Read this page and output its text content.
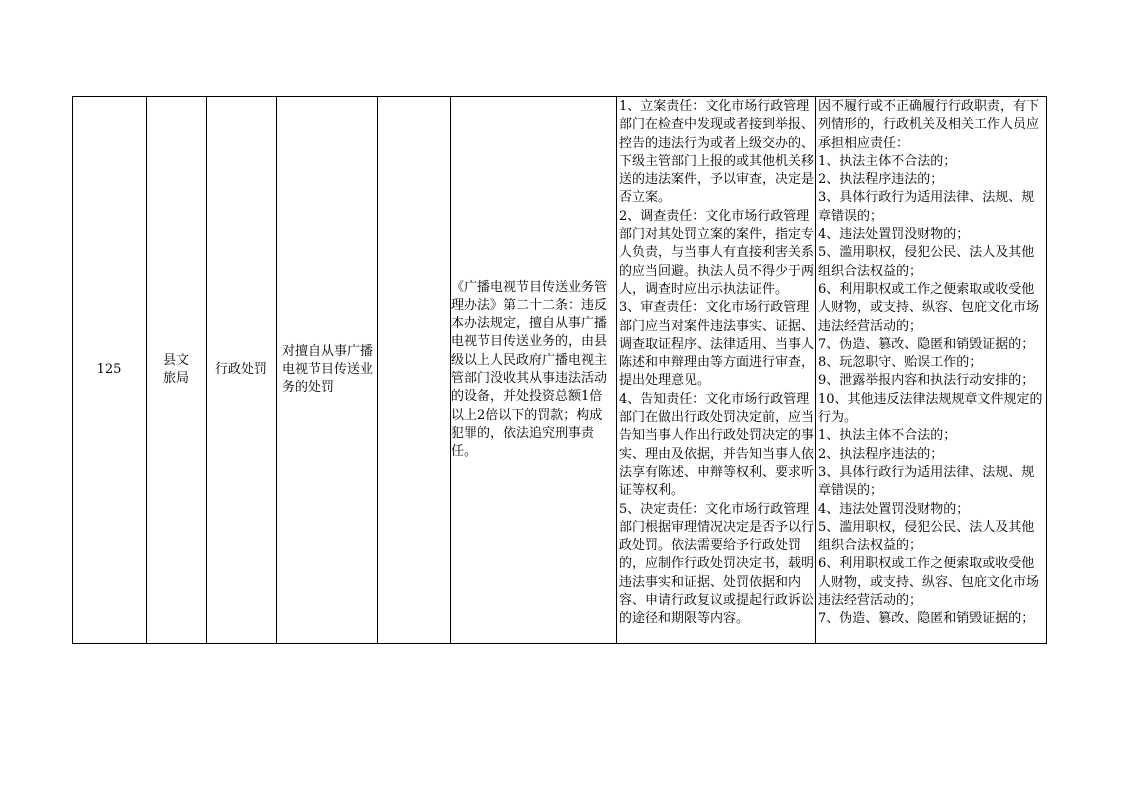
125
县文旅局
行政处罚
对擅自从事广播电视节目传送业务的处罚
《广播电视节目传送业务管理办法》第二十二条：违反本办法规定，擅自从事广播电视节目传送业务的，由县级以上人民政府广播电视主管部门没收其从事违法活动的设备，并处投资总额1倍以上2倍以下的罚款；构成犯罪的，依法追究刑事责任。
1、立案责任：文化市场行政管理部门在检查中发现或者接到举报、控告的违法行为或者上级交办的、下级主管部门上报的或其他机关移送的违法案件，予以审查，决定是否立案。
2、调查责任：文化市场行政管理部门对其处罚立案的案件，指定专人负责，与当事人有直接利害关系的应当回避。执法人员不得少于两人，调查时应出示执法证件。
3、审查责任：文化市场行政管理部门应当对案件违法事实、证据、调查取证程序、法律适用、当事人陈述和申辩理由等方面进行审查，提出处理意见。
4、告知责任：文化市场行政管理部门在做出行政处罚决定前，应当告知当事人作出行政处罚决定的事实、理由及依据，并告知当事人依法享有陈述、申辩等权利、要求听证等权利。
5、决定责任：文化市场行政管理部门根据审理情况决定是否予以行政处罚。依法需要给予行政处罚的，应制作行政处罚决定书，载明违法事实和证据、处罚依据和内容、申请行政复议或提起行政诉讼的途径和期限等内容。
因不履行或不正确履行行政职责，有下列情形的，行政机关及相关工作人员应承担相应责任：
1、执法主体不合法的；
2、执法程序违法的；
3、具体行政行为适用法律、法规、规章错误的；
4、违法处置罚没财物的；
5、滥用职权，侵犯公民、法人及其他组织合法权益的；
6、利用职权或工作之便索取或收受他人财物，或支持、纵容、包庇文化市场违法经营活动的；
7、伪造、篡改、隐匿和销毁证据的；
8、玩忽职守、贻误工作的；
9、泄露举报内容和执法行动安排的；
10、其他违反法律法规规章文件规定的行为。
1、执法主体不合法的；
2、执法程序违法的；
3、具体行政行为适用法律、法规、规章错误的；
4、违法处置罚没财物的；
5、滥用职权，侵犯公民、法人及其他组织合法权益的；
6、利用职权或工作之便索取或收受他人财物，或支持、纵容、包庇文化市场违法经营活动的；
7、伪造、篡改、隐匿和销毁证据的；
